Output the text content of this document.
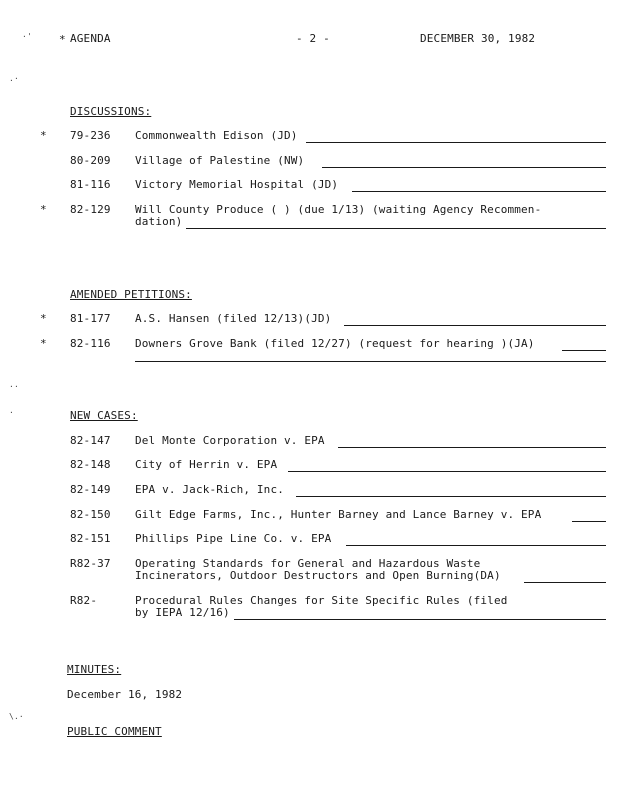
·'
.·
··
·
\.·
* AGENDA	- 2 -	DECEMBER 30, 1982
DISCUSSIONS:
* 79-236 Commonwealth Edison (JD)
80-209 Village of Palestine (NW)
81-116 Victory Memorial Hospital (JD)
* 82-129 Will County Produce ( ) (due 1/13) (waiting Agency Recommen-
dation)
AMENDED PETITIONS:
* 81-177 A.S. Hansen (filed 12/13)(JD)
* 82-116 Downers Grove Bank (filed 12/27) (request for hearing )(JA)
NEW CASES:
82-147 Del Monte Corporation v. EPA
82-148 City of Herrin v. EPA
82-149 EPA v. Jack-Rich, Inc.
82-150 Gilt Edge Farms, Inc., Hunter Barney and Lance Barney v. EPA
82-151 Phillips Pipe Line Co. v. EPA
R82-37 Operating Standards for General and Hazardous Waste
Incinerators, Outdoor Destructors and Open Burning(DA)
R82-	Procedural Rules Changes for Site Specific Rules (filed
by IEPA 12/16)
MINUTES:
December 16, 1982
PUBLIC COMMENT
